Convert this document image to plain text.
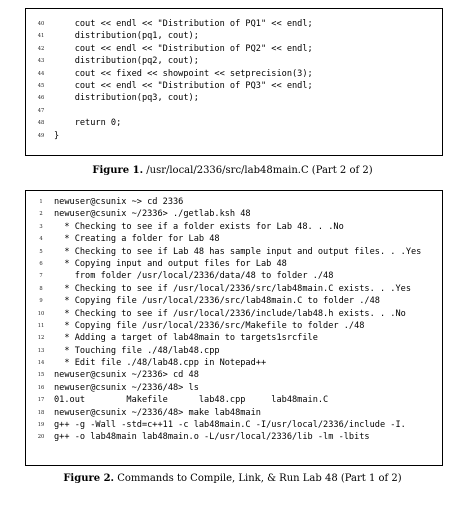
40	cout << endl << "Distribution of PQ1" << endl;
41	distribution(pq1, cout);
42	cout << endl << "Distribution of PQ2" << endl;
43	distribution(pq2, cout);
44	cout << fixed << showpoint << setprecision(3);
45	cout << endl << "Distribution of PQ3" << endl;
46	distribution(pq3, cout);
47
48	return 0;
49	}
Figure 1. /usr/local/2336/src/lab48main.C (Part 2 of 2)
1	newuser@csunix ~> cd 2336
2	newuser@csunix ~/2336> ./getlab.ksh 48
3	* Checking to see if a folder exists for Lab 48. . .No
4	* Creating a folder for Lab 48
5	* Checking to see if Lab 48 has sample input and output files. . .Yes
6	* Copying input and output files for Lab 48
7	from folder /usr/local/2336/data/48 to folder ./48
8	* Checking to see if /usr/local/2336/src/lab48main.C exists. . .Yes
9	* Copying file /usr/local/2336/src/lab48main.C to folder ./48
10	* Checking to see if /usr/local/2336/include/lab48.h exists. . .No
11	* Copying file /usr/local/2336/src/Makefile to folder ./48
12	* Adding a target of lab48main to targets1srcfile
13	* Touching file ./48/lab48.cpp
14	* Edit file ./48/lab48.cpp in Notepad++
15	newuser@csunix ~/2336> cd 48
16	newuser@csunix ~/2336/48> ls
17	01.out        Makefile      lab48.cpp     lab48main.C
18	newuser@csunix ~/2336/48> make lab48main
19	g++ -g -Wall -std=c++11 -c lab48main.C -I/usr/local/2336/include -I.
20	g++ -o lab48main lab48main.o -L/usr/local/2336/lib -lm -lbits
Figure 2. Commands to Compile, Link, & Run Lab 48 (Part 1 of 2)
